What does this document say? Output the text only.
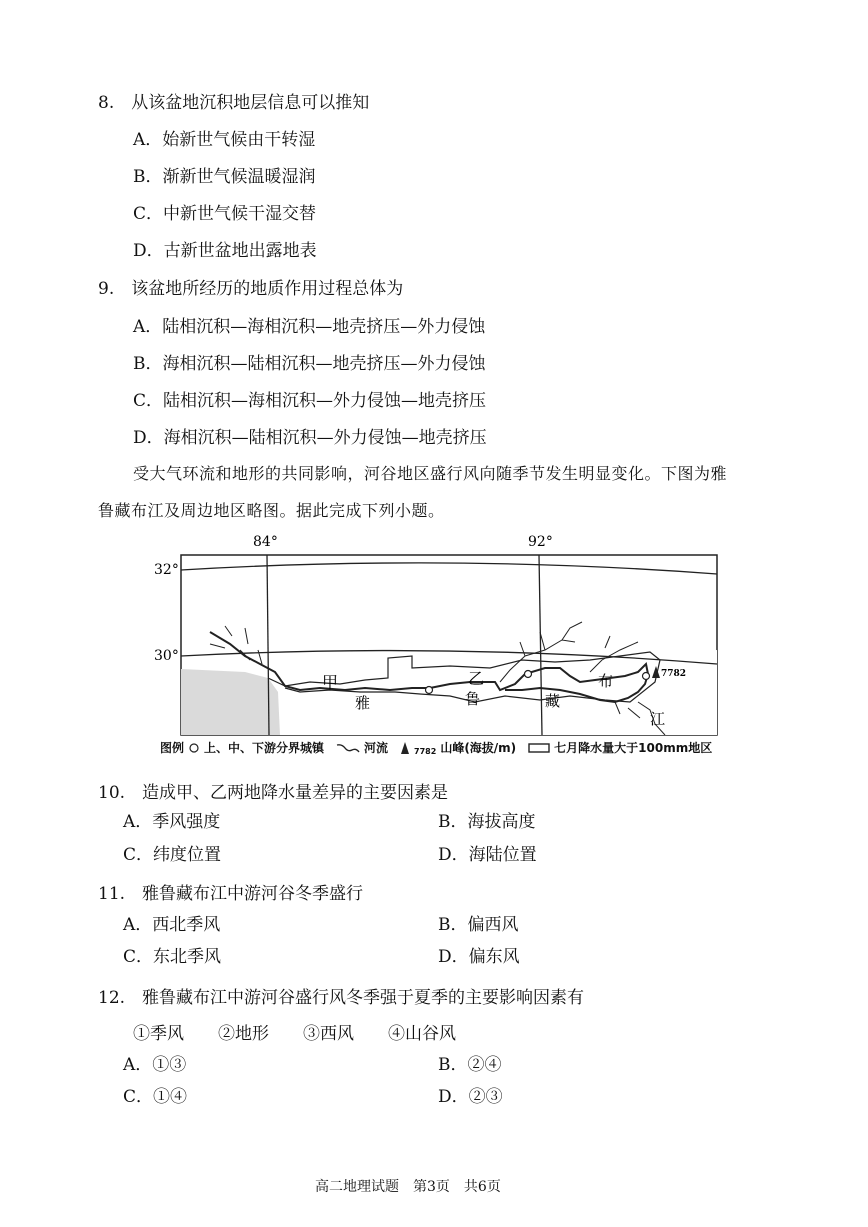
8.　从该盆地沉积地层信息可以推知
A．始新世气候由干转湿
B．渐新世气候温暖湿润
C．中新世气候干湿交替
D．古新世盆地出露地表
9.　该盆地所经历的地质作用过程总体为
A．陆相沉积—海相沉积—地壳挤压—外力侵蚀
B．海相沉积—陆相沉积—地壳挤压—外力侵蚀
C．陆相沉积—海相沉积—外力侵蚀—地壳挤压
D．海相沉积—陆相沉积—外力侵蚀—地壳挤压
受大气环流和地形的共同影响，河谷地区盛行风向随季节发生明显变化。下图为雅
鲁藏布江及周边地区略图。据此完成下列小题。
84°	92°
32°
30°
甲	乙
雅	鲁	藏
布
江
7782
图例 上、中、下游分界城镇	河流	7782 山峰(海拔/m)	七月降水量大于100mm地区
10.　造成甲、乙两地降水量差异的主要因素是
A．季风强度	B．海拔高度
C．纬度位置	D．海陆位置
11.　雅鲁藏布江中游河谷冬季盛行
A．西北季风	B．偏西风
C．东北季风	D．偏东风
12.　雅鲁藏布江中游河谷盛行风冬季强于夏季的主要影响因素有
①季风　　②地形　　③西风　　④山谷风
A．①③	B．②④
C．①④	D．②③
高二地理试题　第3页　共6页
